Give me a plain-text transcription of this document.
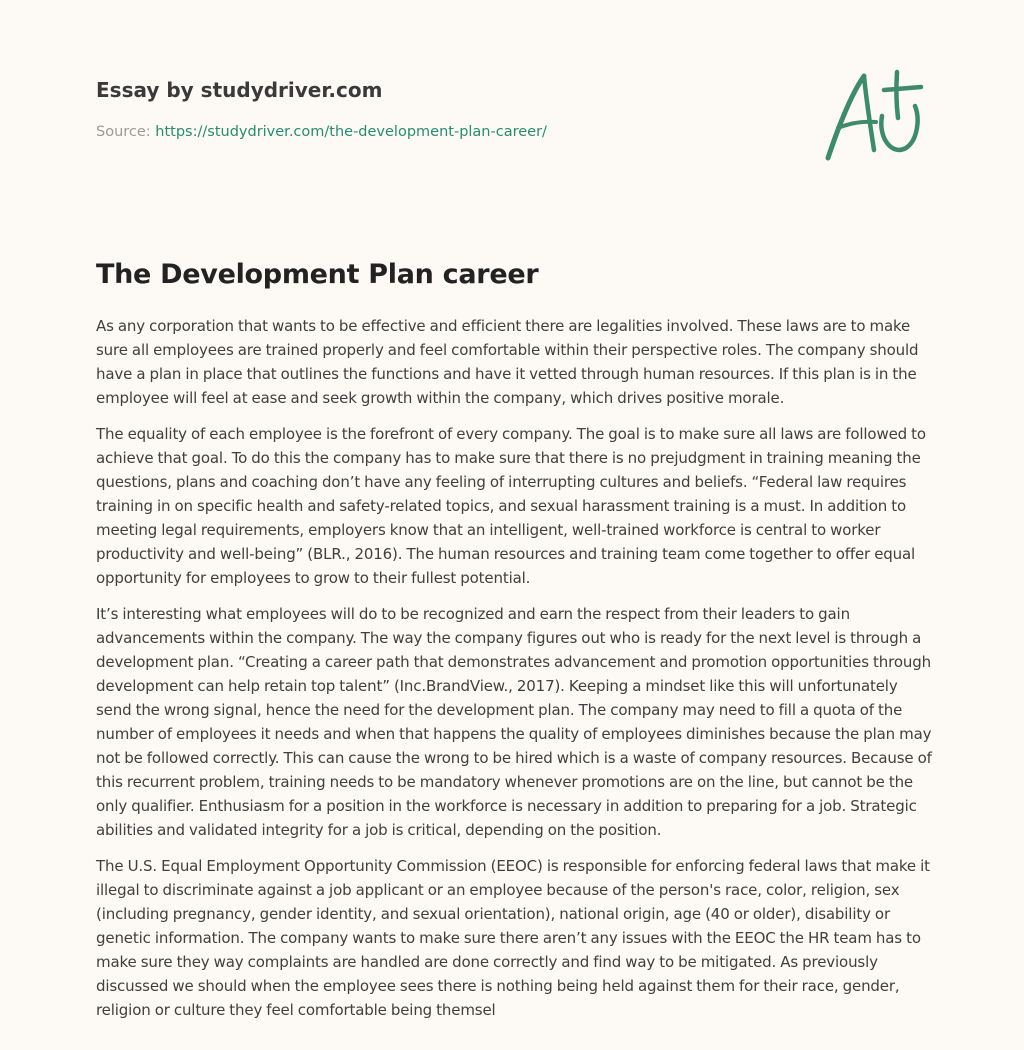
Essay by studydriver.com
Source: https://studydriver.com/the-development-plan-career/
The Development Plan career

As any corporation that wants to be effective and efficient there are legalities involved. These laws are to make sure all employees are trained properly and feel comfortable within their perspective roles. The company should have a plan in place that outlines the functions and have it vetted through human resources. If this plan is in the employee will feel at ease and seek growth within the company, which drives positive morale.

The equality of each employee is the forefront of every company. The goal is to make sure all laws are followed to achieve that goal. To do this the company has to make sure that there is no prejudgment in training meaning the questions, plans and coaching don’t have any feeling of interrupting cultures and beliefs. “Federal law requires training in on specific health and safety-related topics, and sexual harassment training is a must. In addition to meeting legal requirements, employers know that an intelligent, well-trained workforce is central to worker productivity and well-being” (BLR., 2016). The human resources and training team come together to offer equal opportunity for employees to grow to their fullest potential.

It’s interesting what employees will do to be recognized and earn the respect from their leaders to gain advancements within the company. The way the company figures out who is ready for the next level is through a development plan. “Creating a career path that demonstrates advancement and promotion opportunities through development can help retain top talent” (Inc.BrandView., 2017). Keeping a mindset like this will unfortunately send the wrong signal, hence the need for the development plan. The company may need to fill a quota of the number of employees it needs and when that happens the quality of employees diminishes because the plan may not be followed correctly. This can cause the wrong to be hired which is a waste of company resources. Because of this recurrent problem, training needs to be mandatory whenever promotions are on the line, but cannot be the only qualifier. Enthusiasm for a position in the workforce is necessary in addition to preparing for a job. Strategic abilities and validated integrity for a job is critical, depending on the position.

The U.S. Equal Employment Opportunity Commission (EEOC) is responsible for enforcing federal laws that make it illegal to discriminate against a job applicant or an employee because of the person's race, color, religion, sex (including pregnancy, gender identity, and sexual orientation), national origin, age (40 or older), disability or genetic information. The company wants to make sure there aren’t any issues with the EEOC the HR team has to make sure they way complaints are handled are done correctly and find way to be mitigated. As previously discussed we should when the employee sees there is nothing being held against them for their race, gender, religion or culture they feel comfortable being themsel
